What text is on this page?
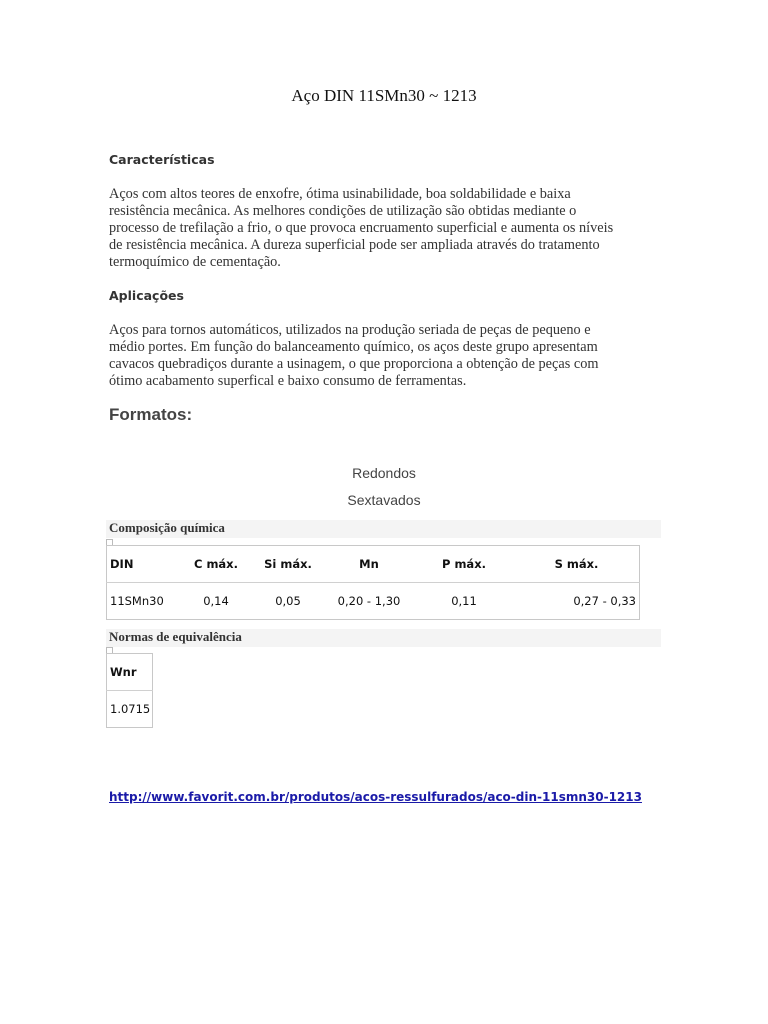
Aço DIN 11SMn30 ~ 1213
Características
Aços com altos teores de enxofre, ótima usinabilidade, boa soldabilidade e baixa
resistência mecânica. As melhores condições de utilização são obtidas mediante o
processo de trefilação a frio, o que provoca encruamento superficial e aumenta os níveis
de resistência mecânica. A dureza superficial pode ser ampliada através do tratamento
termoquímico de cementação.
Aplicações
Aços para tornos automáticos, utilizados na produção seriada de peças de pequeno e
médio portes. Em função do balanceamento químico, os aços deste grupo apresentam
cavacos quebradiços durante a usinagem, o que proporciona a obtenção de peças com
ótimo acabamento superfical e baixo consumo de ferramentas.
Formatos:
Redondos
Sextavados
Composição química
DIN	C máx.	Si máx.	Mn	P máx.	S máx.
11SMn30	0,14	0,05	0,20 - 1,30	0,11	0,27 - 0,33
Normas de equivalência
Wnr
1.0715
http://www.favorit.com.br/produtos/acos-ressulfurados/aco-din-11smn30-1213
